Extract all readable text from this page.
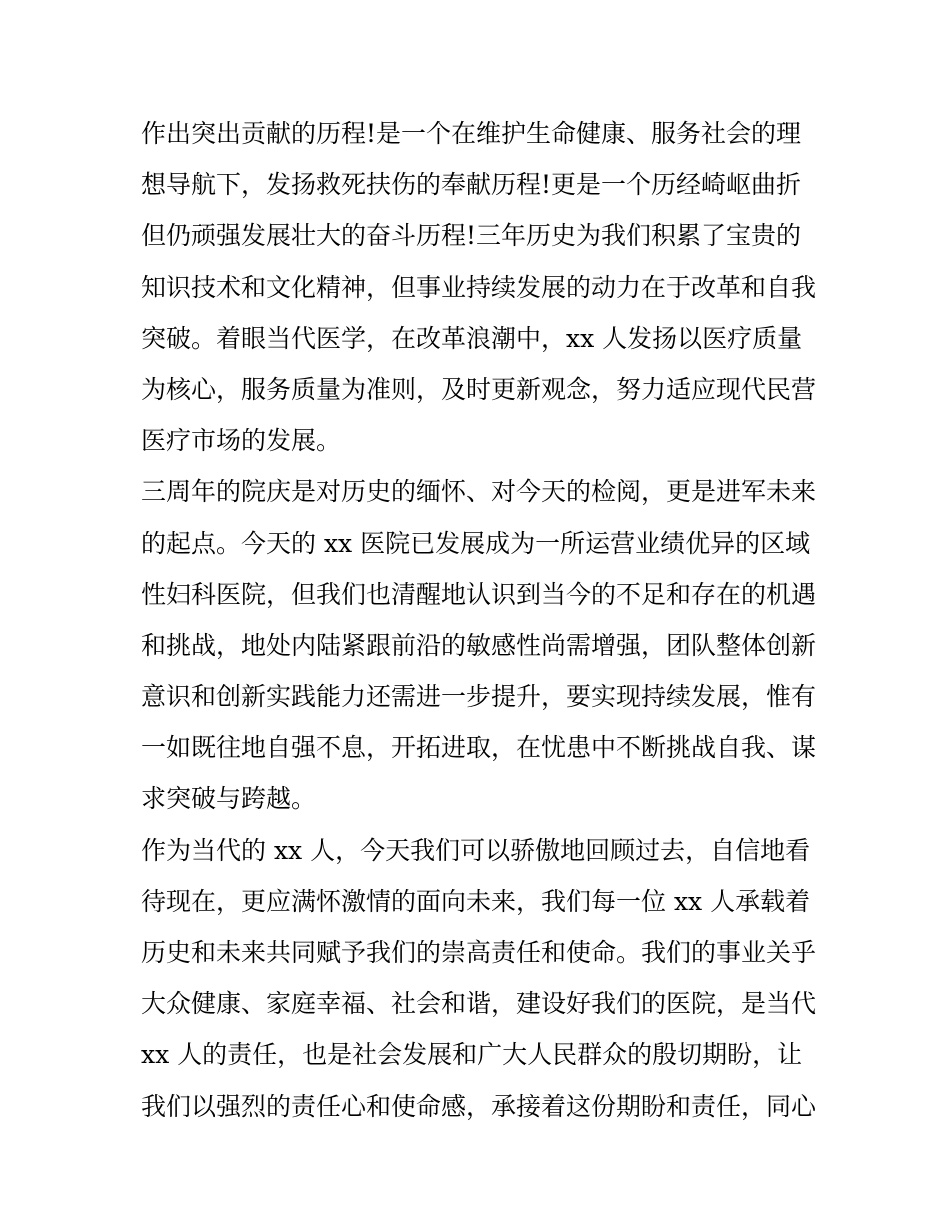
作出突出贡献的历程!是一个在维护生命健康、服务社会的理
想导航下，发扬救死扶伤的奉献历程!更是一个历经崎岖曲折
但仍顽强发展壮大的奋斗历程!三年历史为我们积累了宝贵的
知识技术和文化精神，但事业持续发展的动力在于改革和自我
突破。着眼当代医学，在改革浪潮中，xx 人发扬以医疗质量
为核心，服务质量为准则，及时更新观念，努力适应现代民营
医疗市场的发展。
三周年的院庆是对历史的缅怀、对今天的检阅，更是进军未来
的起点。今天的 xx 医院已发展成为一所运营业绩优异的区域
性妇科医院，但我们也清醒地认识到当今的不足和存在的机遇
和挑战，地处内陆紧跟前沿的敏感性尚需增强，团队整体创新
意识和创新实践能力还需进一步提升，要实现持续发展，惟有
一如既往地自强不息，开拓进取，在忧患中不断挑战自我、谋
求突破与跨越。
作为当代的 xx 人，今天我们可以骄傲地回顾过去，自信地看
待现在，更应满怀激情的面向未来，我们每一位 xx 人承载着
历史和未来共同赋予我们的崇高责任和使命。我们的事业关乎
大众健康、家庭幸福、社会和谐，建设好我们的医院，是当代
xx 人的责任，也是社会发展和广大人民群众的殷切期盼，让
我们以强烈的责任心和使命感，承接着这份期盼和责任，同心
